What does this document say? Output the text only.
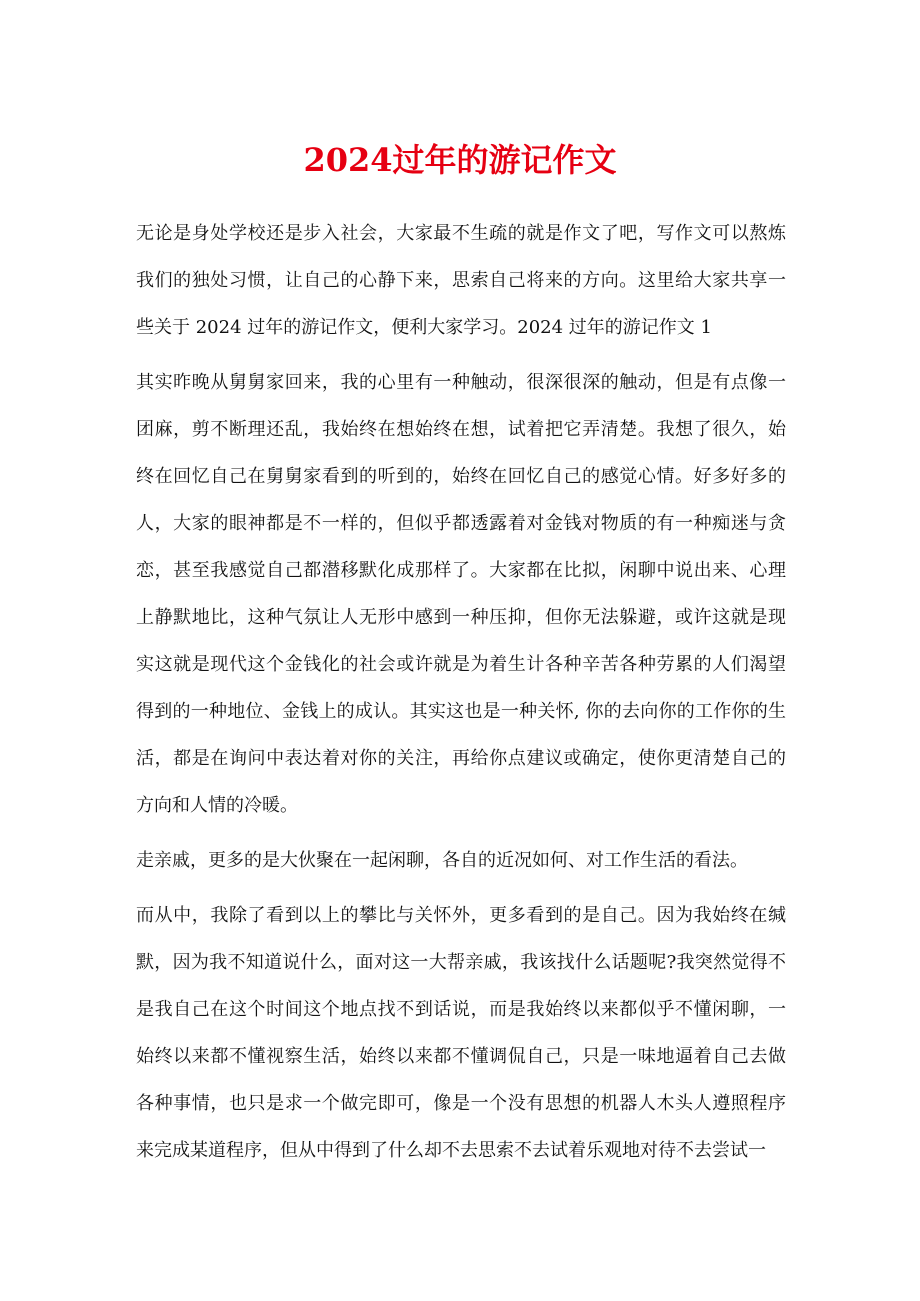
2024过年的游记作文
无论是身处学校还是步入社会，大家最不生疏的就是作文了吧，写作文可以熬炼
我们的独处习惯，让自己的心静下来，思索自己将来的方向。这里给大家共享一
些关于 2024 过年的游记作文，便利大家学习。2024 过年的游记作文 1
其实昨晚从舅舅家回来，我的心里有一种触动，很深很深的触动，但是有点像一
团麻，剪不断理还乱，我始终在想始终在想，试着把它弄清楚。我想了很久，始
终在回忆自己在舅舅家看到的听到的，始终在回忆自己的感觉心情。好多好多的
人，大家的眼神都是不一样的，但似乎都透露着对金钱对物质的有一种痴迷与贪
恋，甚至我感觉自己都潜移默化成那样了。大家都在比拟，闲聊中说出来、心理
上静默地比，这种气氛让人无形中感到一种压抑，但你无法躲避，或许这就是现
实这就是现代这个金钱化的社会或许就是为着生计各种辛苦各种劳累的人们渴望
得到的一种地位、金钱上的成认。其实这也是一种关怀, 你的去向你的工作你的生
活，都是在询问中表达着对你的关注，再给你点建议或确定，使你更清楚自己的
方向和人情的冷暖。
走亲戚，更多的是大伙聚在一起闲聊，各自的近况如何、对工作生活的看法。
而从中，我除了看到以上的攀比与关怀外，更多看到的是自己。因为我始终在缄
默，因为我不知道说什么，面对这一大帮亲戚，我该找什么话题呢?我突然觉得不
是我自己在这个时间这个地点找不到话说，而是我始终以来都似乎不懂闲聊，一
始终以来都不懂视察生活，始终以来都不懂调侃自己，只是一味地逼着自己去做
各种事情，也只是求一个做完即可，像是一个没有思想的机器人木头人遵照程序
来完成某道程序，但从中得到了什么却不去思索不去试着乐观地对待不去尝试一
